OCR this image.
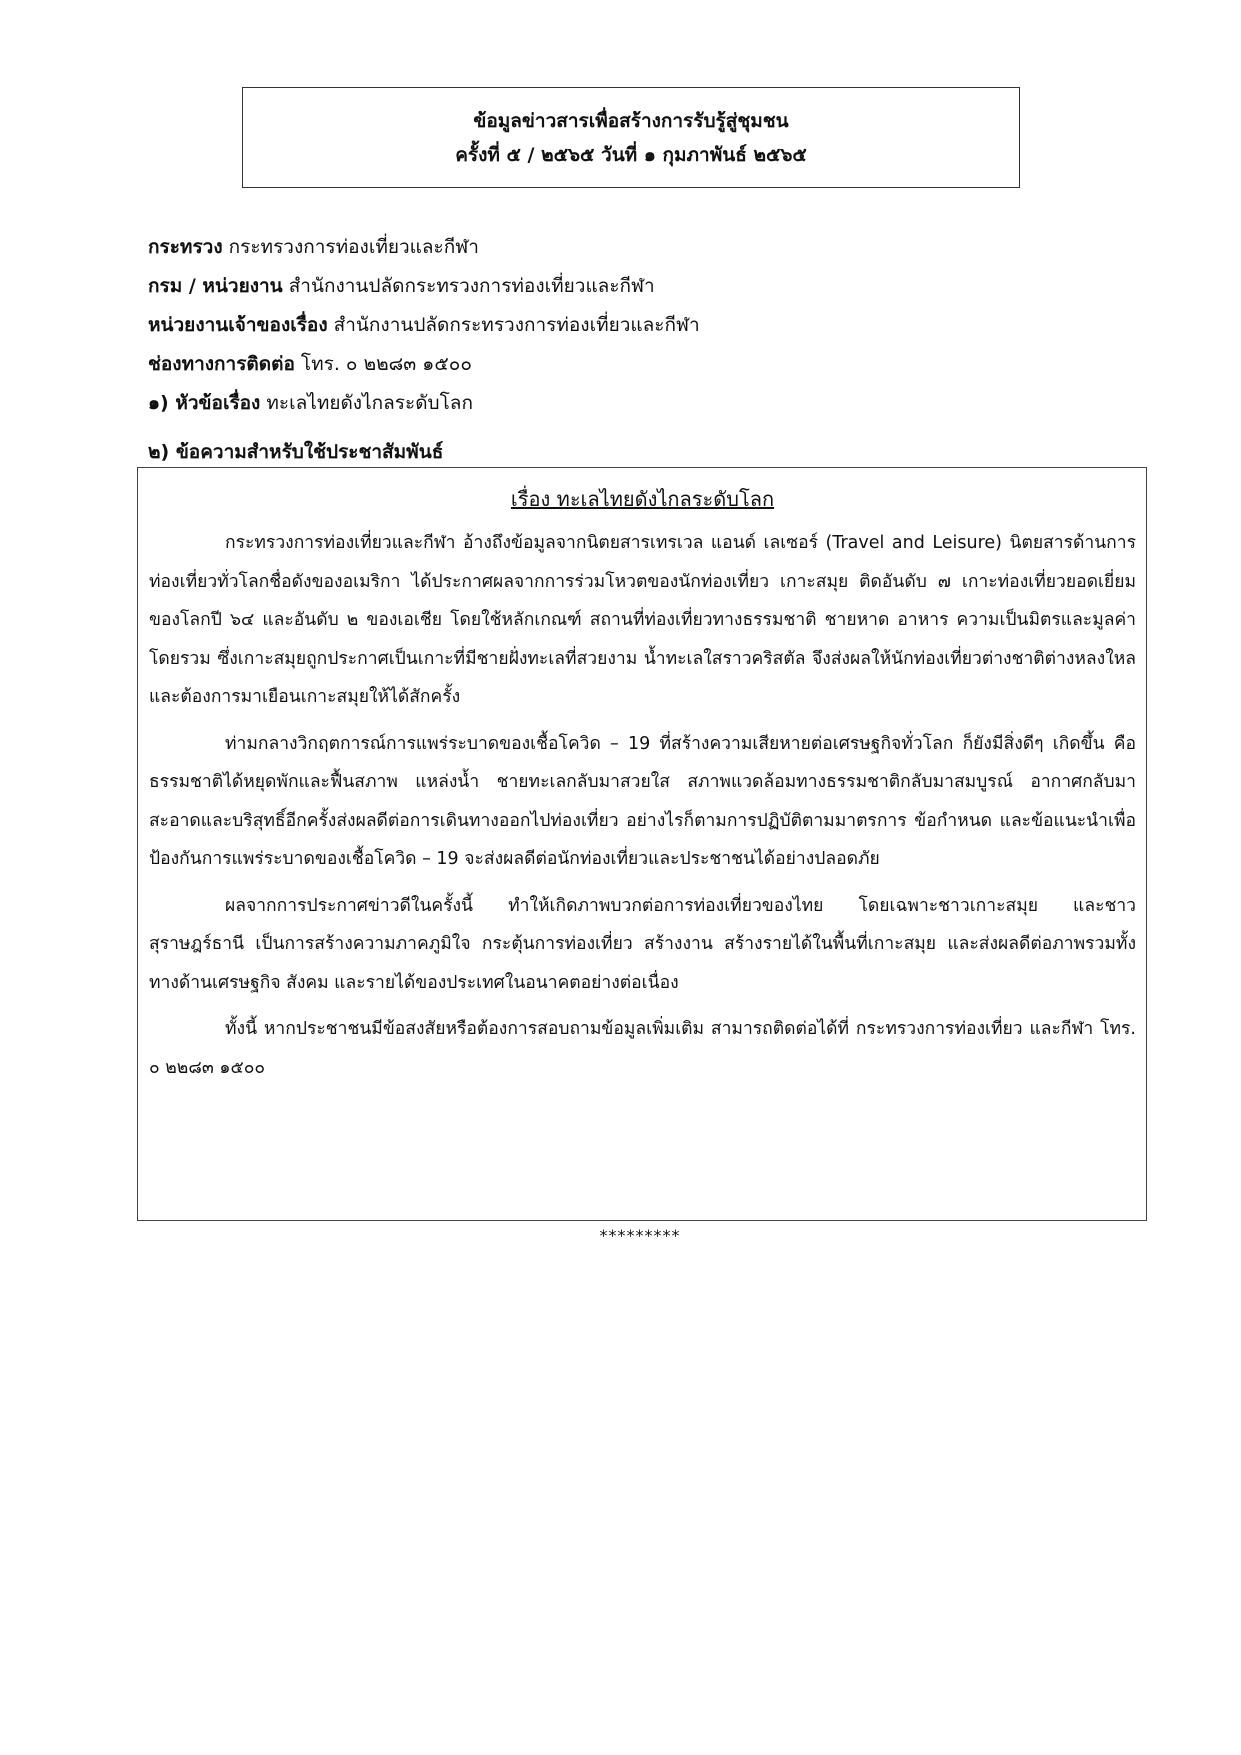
ข้อมูลข่าวสารเพื่อสร้างการรับรู้สู่ชุมชน
ครั้งที่ ๕ / ๒๕๖๕ วันที่ ๑ กุมภาพันธ์ ๒๕๖๕
กระทรวง กระทรวงการท่องเที่ยวและกีฬา
กรม / หน่วยงาน สำนักงานปลัดกระทรวงการท่องเที่ยวและกีฬา
หน่วยงานเจ้าของเรื่อง สำนักงานปลัดกระทรวงการท่องเที่ยวและกีฬา
ช่องทางการติดต่อ โทร. ๐ ๒๒๘๓ ๑๕๐๐
๑) หัวข้อเรื่อง ทะเลไทยดังไกลระดับโลก
๒) ข้อความสำหรับใช้ประชาสัมพันธ์
เรื่อง ทะเลไทยดังไกลระดับโลก

กระทรวงการท่องเที่ยวและกีฬา อ้างถึงข้อมูลจากนิตยสารเทรเวล แอนด์ เลเซอร์ (Travel and Leisure) นิตยสารด้านการท่องเที่ยวทั่วโลกชื่อดังของอเมริกา ได้ประกาศผลจากการร่วมโหวตของนักท่องเที่ยว เกาะสมุย ติดอันดับ ๗ เกาะท่องเที่ยวยอดเยี่ยมของโลกปี ๖๔ และอันดับ ๒ ของเอเชีย โดยใช้หลักเกณฑ์ สถานที่ท่องเที่ยวทางธรรมชาติ ชายหาด อาหาร ความเป็นมิตรและมูลค่าโดยรวม ซึ่งเกาะสมุยถูกประกาศเป็นเกาะที่มีชายฝั่งทะเลที่สวยงาม น้ำทะเลใสราวคริสตัล จึงส่งผลให้นักท่องเที่ยวต่างชาติต่างหลงใหล และต้องการมาเยือนเกาะสมุยให้ได้สักครั้ง

ท่ามกลางวิกฤตการณ์การแพร่ระบาดของเชื้อโควิด – 19 ที่สร้างความเสียหายต่อเศรษฐกิจทั่วโลก ก็ยังมีสิ่งดีๆ เกิดขึ้น คือธรรมชาติได้หยุดพักและฟื้นสภาพ แหล่งน้ำ ชายทะเลกลับมาสวยใส สภาพแวดล้อมทางธรรมชาติกลับมาสมบูรณ์ อากาศกลับมาสะอาดและบริสุทธิ์อีกครั้งส่งผลดีต่อการเดินทางออกไปท่องเที่ยว อย่างไรก็ตามการปฏิบัติตามมาตรการ ข้อกำหนด และข้อแนะนำเพื่อป้องกันการแพร่ระบาดของเชื้อโควิด – 19 จะส่งผลดีต่อนักท่องเที่ยวและประชาชนได้อย่างปลอดภัย

ผลจากการประกาศข่าวดีในครั้งนี้ ทำให้เกิดภาพบวกต่อการท่องเที่ยวของไทย โดยเฉพาะชาวเกาะสมุย และชาวสุราษฎร์ธานี เป็นการสร้างความภาคภูมิใจ กระตุ้นการท่องเที่ยว สร้างงาน สร้างรายได้ในพื้นที่เกาะสมุย และส่งผลดีต่อภาพรวมทั้งทางด้านเศรษฐกิจ สังคม และรายได้ของประเทศในอนาคตอย่างต่อเนื่อง

ทั้งนี้ หากประชาชนมีข้อสงสัยหรือต้องการสอบถามข้อมูลเพิ่มเติม สามารถติดต่อได้ที่ กระทรวงการท่องเที่ยว และกีฬา โทร. ๐ ๒๒๘๓ ๑๕๐๐

*********
